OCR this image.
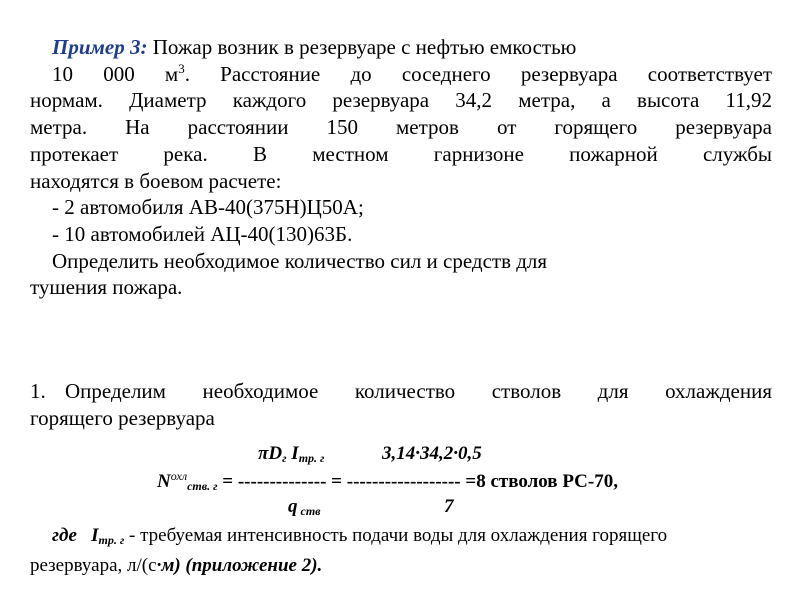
Пример 3: Пожар возник в резервуаре с нефтью емкостью
10 000 $м^3$. Расстояние до соседнего резервуара соответствует
нормам. Диаметр каждого резервуара 34,2 метра, а высота 11,92
метра. На расстоянии 150 метров от горящего резервуара
протекает река. В местном гарнизоне пожарной службы
находятся в боевом расчете:
- 2 автомобиля АВ-40(375Н)Ц50А;
- 10 автомобилей АЦ-40(130)63Б.
Определить необходимое количество сил и средств для
тушения пожара.
1. Определим необходимое количество стволов для охлаждения
горящего резервуара
$\pi D_г$ $I_{тр. г}$	3,14·34,2·0,5
$N^{охл}_{ств. г}$ = -------------- = ------------------ =8 стволов РС-70,
q $_{ств}$	7
где $I_{тр. г}$ - требуемая интенсивность подачи воды для охлаждения горящего
резервуара, л/(с·м) (приложение 2).
